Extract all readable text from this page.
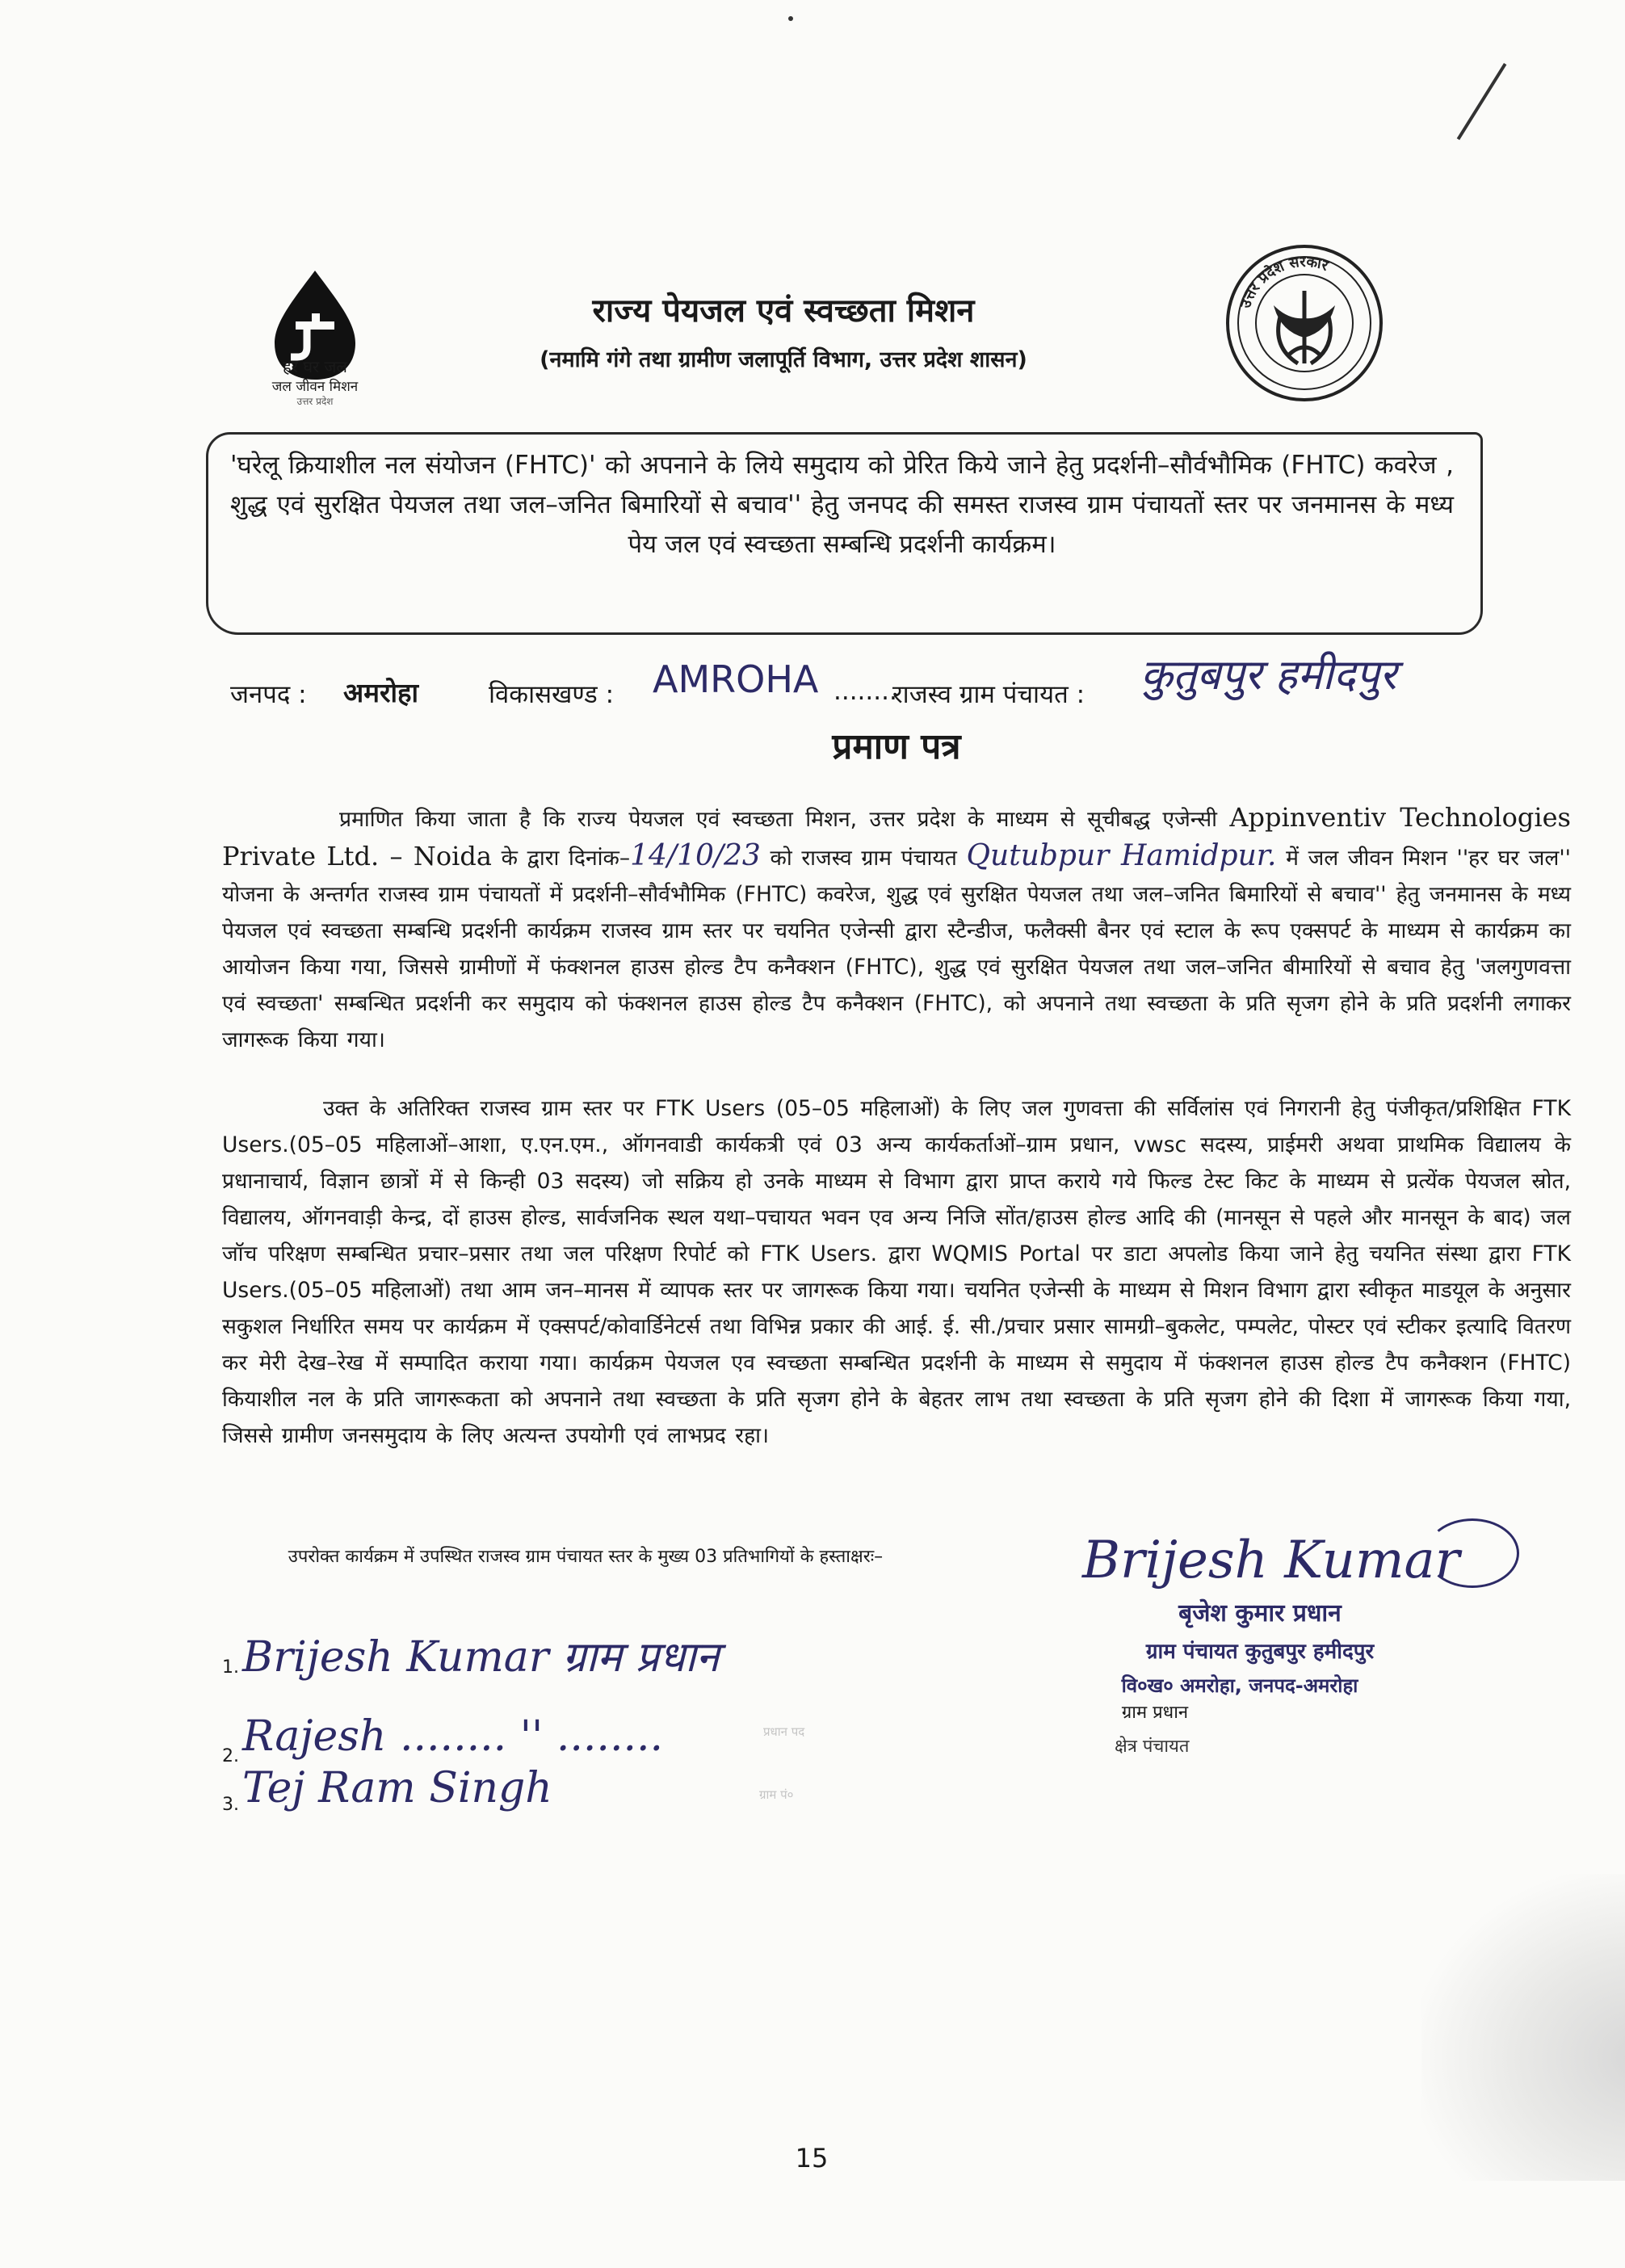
हर घर जल
जल जीवन मिशन
उत्तर प्रदेश
राज्य पेयजल एवं स्वच्छता मिशन
(नमामि गंगे तथा ग्रामीण जलापूर्ति विभाग, उत्तर प्रदेश शासन)
उत्तर प्रदेश सरकार
'घरेलू क्रियाशील नल संयोजन (FHTC)' को अपनाने के लिये समुदाय को प्रेरित किये जाने हेतु प्रदर्शनी–सौर्वभौमिक (FHTC) कवरेज , शुद्ध एवं सुरक्षित पेयजल तथा जल–जनित बिमारियों से बचाव'' हेतु जनपद की समस्त राजस्व ग्राम पंचायतों स्तर पर जनमानस के मध्य पेय जल एवं स्वच्छता सम्बन्धि प्रदर्शनी कार्यक्रम।
जनपद : अमरोहा	विकासखण्ड : AMROHA ........
राजस्व ग्राम पंचायत : कुतुबपुर हमीदपुर
प्रमाण पत्र
प्रमाणित किया जाता है कि राज्य पेयजल एवं स्वच्छता मिशन, उत्तर प्रदेश के माध्यम से सूचीबद्ध एजेन्सी Appinventiv Technologies Private Ltd. – Noida के द्वारा दिनांक–14/10/23 को राजस्व ग्राम पंचायत Qutubpur Hamidpur. में जल जीवन मिशन ''हर घर जल'' योजना के अन्तर्गत राजस्व ग्राम पंचायतों में प्रदर्शनी–सौर्वभौमिक (FHTC) कवरेज, शुद्ध एवं सुरक्षित पेयजल तथा जल–जनित बिमारियों से बचाव'' हेतु जनमानस के मध्य पेयजल एवं स्वच्छता सम्बन्धि प्रदर्शनी कार्यक्रम राजस्व ग्राम स्तर पर चयनित एजेन्सी द्वारा स्टैन्डीज, फलैक्सी बैनर एवं स्टाल के रूप एक्सपर्ट के माध्यम से कार्यक्रम का आयोजन किया गया, जिससे ग्रामीणों में फंक्शनल हाउस होल्ड टैप कनैक्शन (FHTC), शुद्ध एवं सुरक्षित पेयजल तथा जल–जनित बीमारियों से बचाव हेतु 'जलगुणवत्ता एवं स्वच्छता' सम्बन्धित प्रदर्शनी कर समुदाय को फंक्शनल हाउस होल्ड टैप कनैक्शन (FHTC), को अपनाने तथा स्वच्छता के प्रति सृजग होने के प्रति प्रदर्शनी लगाकर जागरूक किया गया।
उक्त के अतिरिक्त राजस्व ग्राम स्तर पर FTK Users (05–05 महिलाओं) के लिए जल गुणवत्ता की सर्विलांस एवं निगरानी हेतु पंजीकृत/प्रशिक्षित FTK Users.(05–05 महिलाओं–आशा, ए.एन.एम., ऑगनवाडी कार्यकत्री एवं 03 अन्य कार्यकर्ताओं–ग्राम प्रधान, vwsc सदस्य, प्राईमरी अथवा प्राथमिक विद्यालय के प्रधानाचार्य, विज्ञान छात्रों में से किन्ही 03 सदस्य) जो सक्रिय हो उनके माध्यम से विभाग द्वारा प्राप्त कराये गये फिल्ड टेस्ट किट के माध्यम से प्रत्येंक पेयजल स्रोत, विद्यालय, ऑगनवाड़ी केन्द्र, दों हाउस होल्ड, सार्वजनिक स्थल यथा–पचायत भवन एव अन्य निजि सोंत/हाउस होल्ड आदि की (मानसून से पहले और मानसून के बाद) जल जॉच परिक्षण सम्बन्धित प्रचार–प्रसार तथा जल परिक्षण रिपोर्ट को FTK Users. द्वारा WQMIS Portal पर डाटा अपलोड किया जाने हेतु चयनित संस्था द्वारा FTK Users.(05–05 महिलाओं) तथा आम जन–मानस में व्यापक स्तर पर जागरूक किया गया। चयनित एजेन्सी के माध्यम से मिशन विभाग द्वारा स्वीकृत माडयूल के अनुसार सकुशल निर्धारित समय पर कार्यक्रम में एक्सपर्ट/कोवार्डिनेटर्स तथा विभिन्न प्रकार की आई. ई. सी./प्रचार प्रसार सामग्री–बुकलेट, पम्पलेट, पोस्टर एवं स्टीकर इत्यादि वितरण कर मेरी देख–रेख में सम्पादित कराया गया। कार्यक्रम पेयजल एव स्वच्छता सम्बन्धित प्रदर्शनी के माध्यम से समुदाय में फंक्शनल हाउस होल्ड टैप कनैक्शन (FHTC) कियाशील नल के प्रति जागरूकता को अपनाने तथा स्वच्छता के प्रति सृजग होने के बेहतर लाभ तथा स्वच्छता के प्रति सृजग होने की दिशा में जागरूक किया गया, जिससे ग्रामीण जनसमुदाय के लिए अत्यन्त उपयोगी एवं लाभप्रद रहा।
उपरोक्त कार्यक्रम में उपस्थित राजस्व ग्राम पंचायत स्तर के मुख्य 03 प्रतिभागियों के हस्ताक्षरः–
1. Brijesh Kumar ग्राम प्रधान
2. Rajesh ........ '' ........
3. Tej Ram Singh
प्रधान पद
ग्राम पं०
Brijesh Kumar
बृजेश कुमार प्रधान
ग्राम पंचायत कुतुबपुर हमीदपुर
वि०ख० अमरोहा, जनपद-अमरोहा
ग्राम प्रधान
क्षेत्र पंचायत
15
